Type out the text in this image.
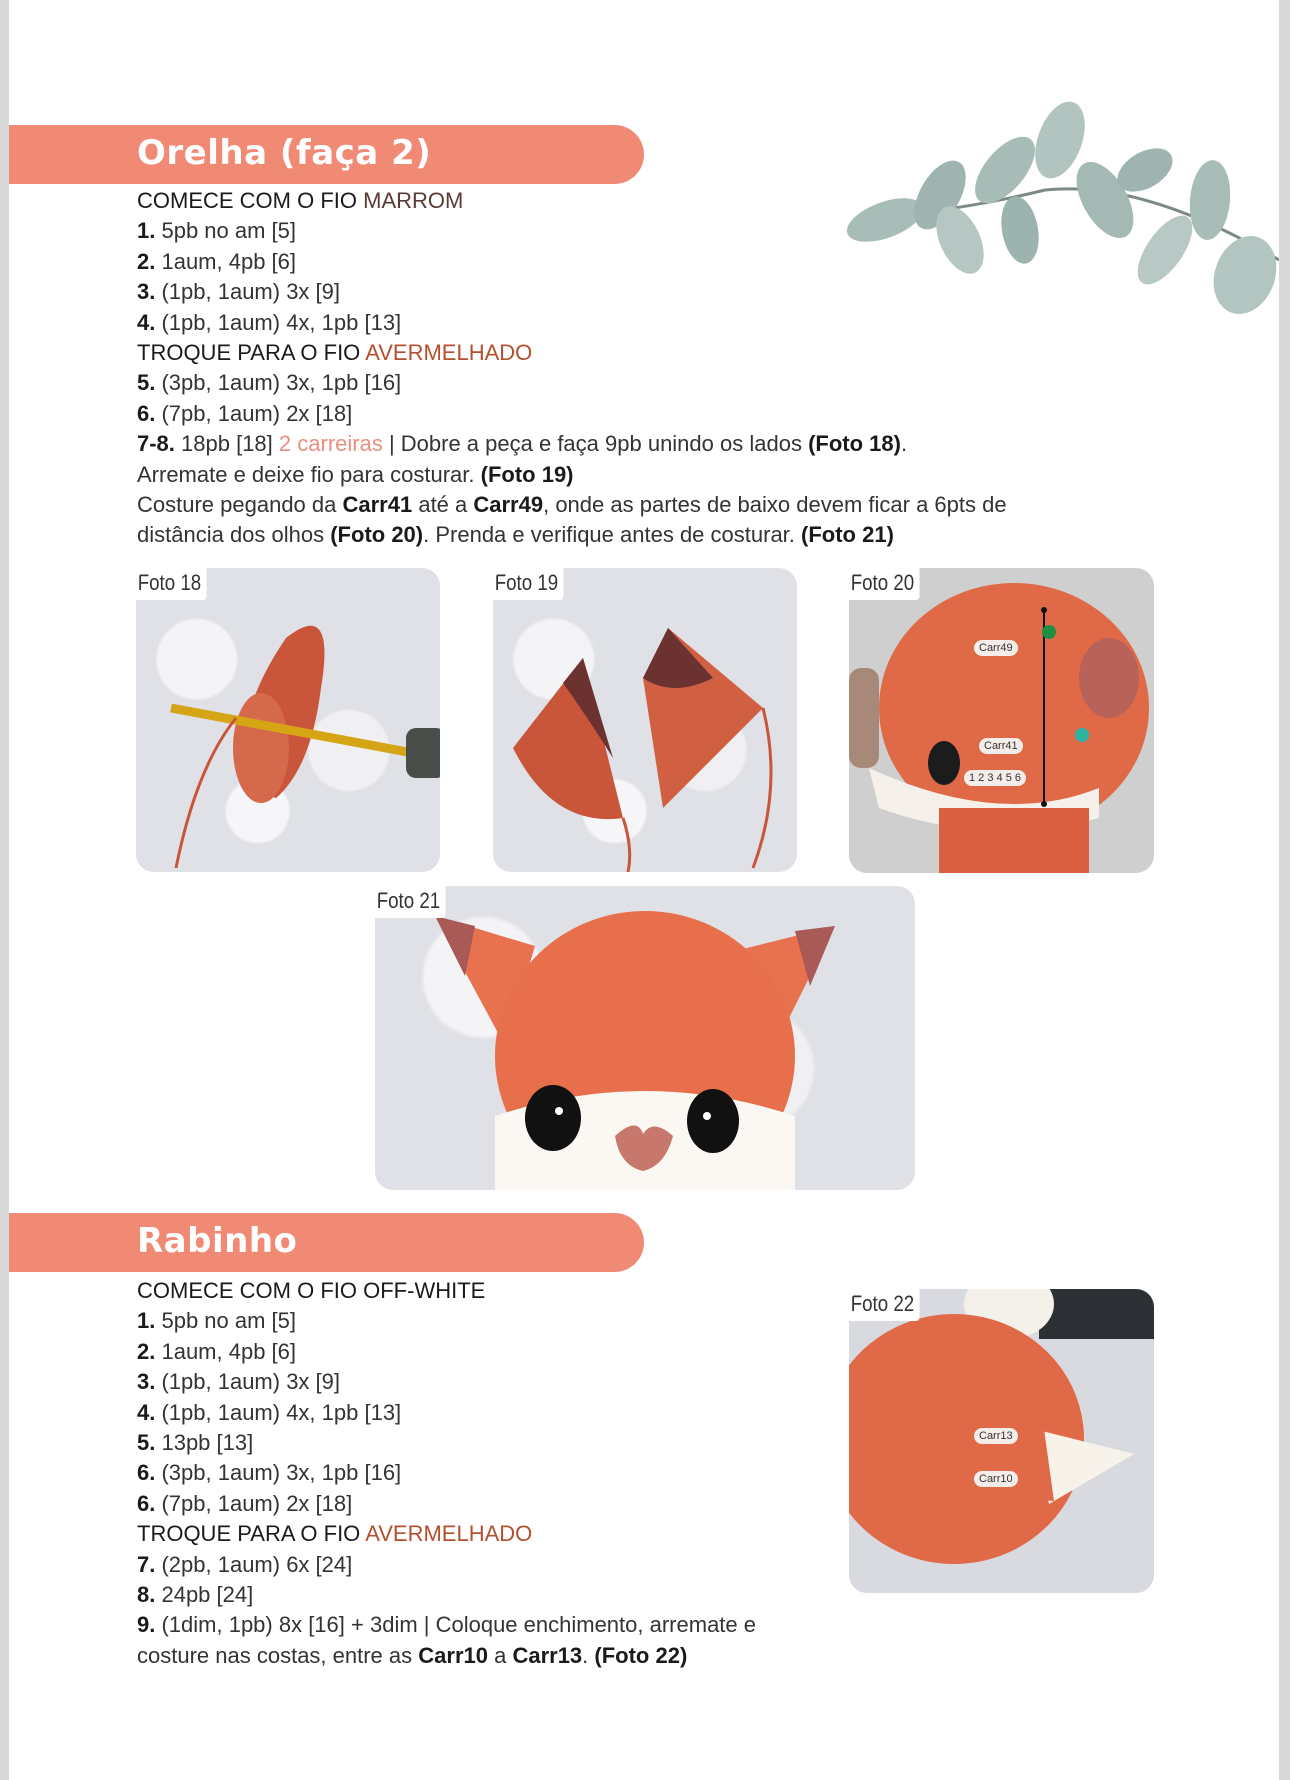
Orelha (faça 2)
COMECE COM O FIO MARROM
1. 5pb no am [5]
2. 1aum, 4pb [6]
3. (1pb, 1aum) 3x [9]
4. (1pb, 1aum) 4x, 1pb [13]
TROQUE PARA O FIO AVERMELHADO
5. (3pb, 1aum) 3x, 1pb [16]
6. (7pb, 1aum) 2x [18]
7-8. 18pb [18] 2 carreiras | Dobre a peça e faça 9pb unindo os lados (Foto 18).
Arremate e deixe fio para costurar. (Foto 19)
Costure pegando da Carr41 até a Carr49, onde as partes de baixo devem ficar a 6pts de
distância dos olhos (Foto 20). Prenda e verifique antes de costurar. (Foto 21)
Foto 18	Foto 19
Carr49
Carr41
1 2 3 4 5 6
Foto 20
Foto 21
Rabinho
COMECE COM O FIO OFF-WHITE
1. 5pb no am [5]
2. 1aum, 4pb [6]
3. (1pb, 1aum) 3x [9]
4. (1pb, 1aum) 4x, 1pb [13]
5. 13pb [13]
6. (3pb, 1aum) 3x, 1pb [16]
6. (7pb, 1aum) 2x [18]
TROQUE PARA O FIO AVERMELHADO
7. (2pb, 1aum) 6x [24]
8. 24pb [24]
9. (1dim, 1pb) 8x [16] + 3dim | Coloque enchimento, arremate e
costure nas costas, entre as Carr10 a Carr13. (Foto 22)
Carr13
Carr10
Foto 22
